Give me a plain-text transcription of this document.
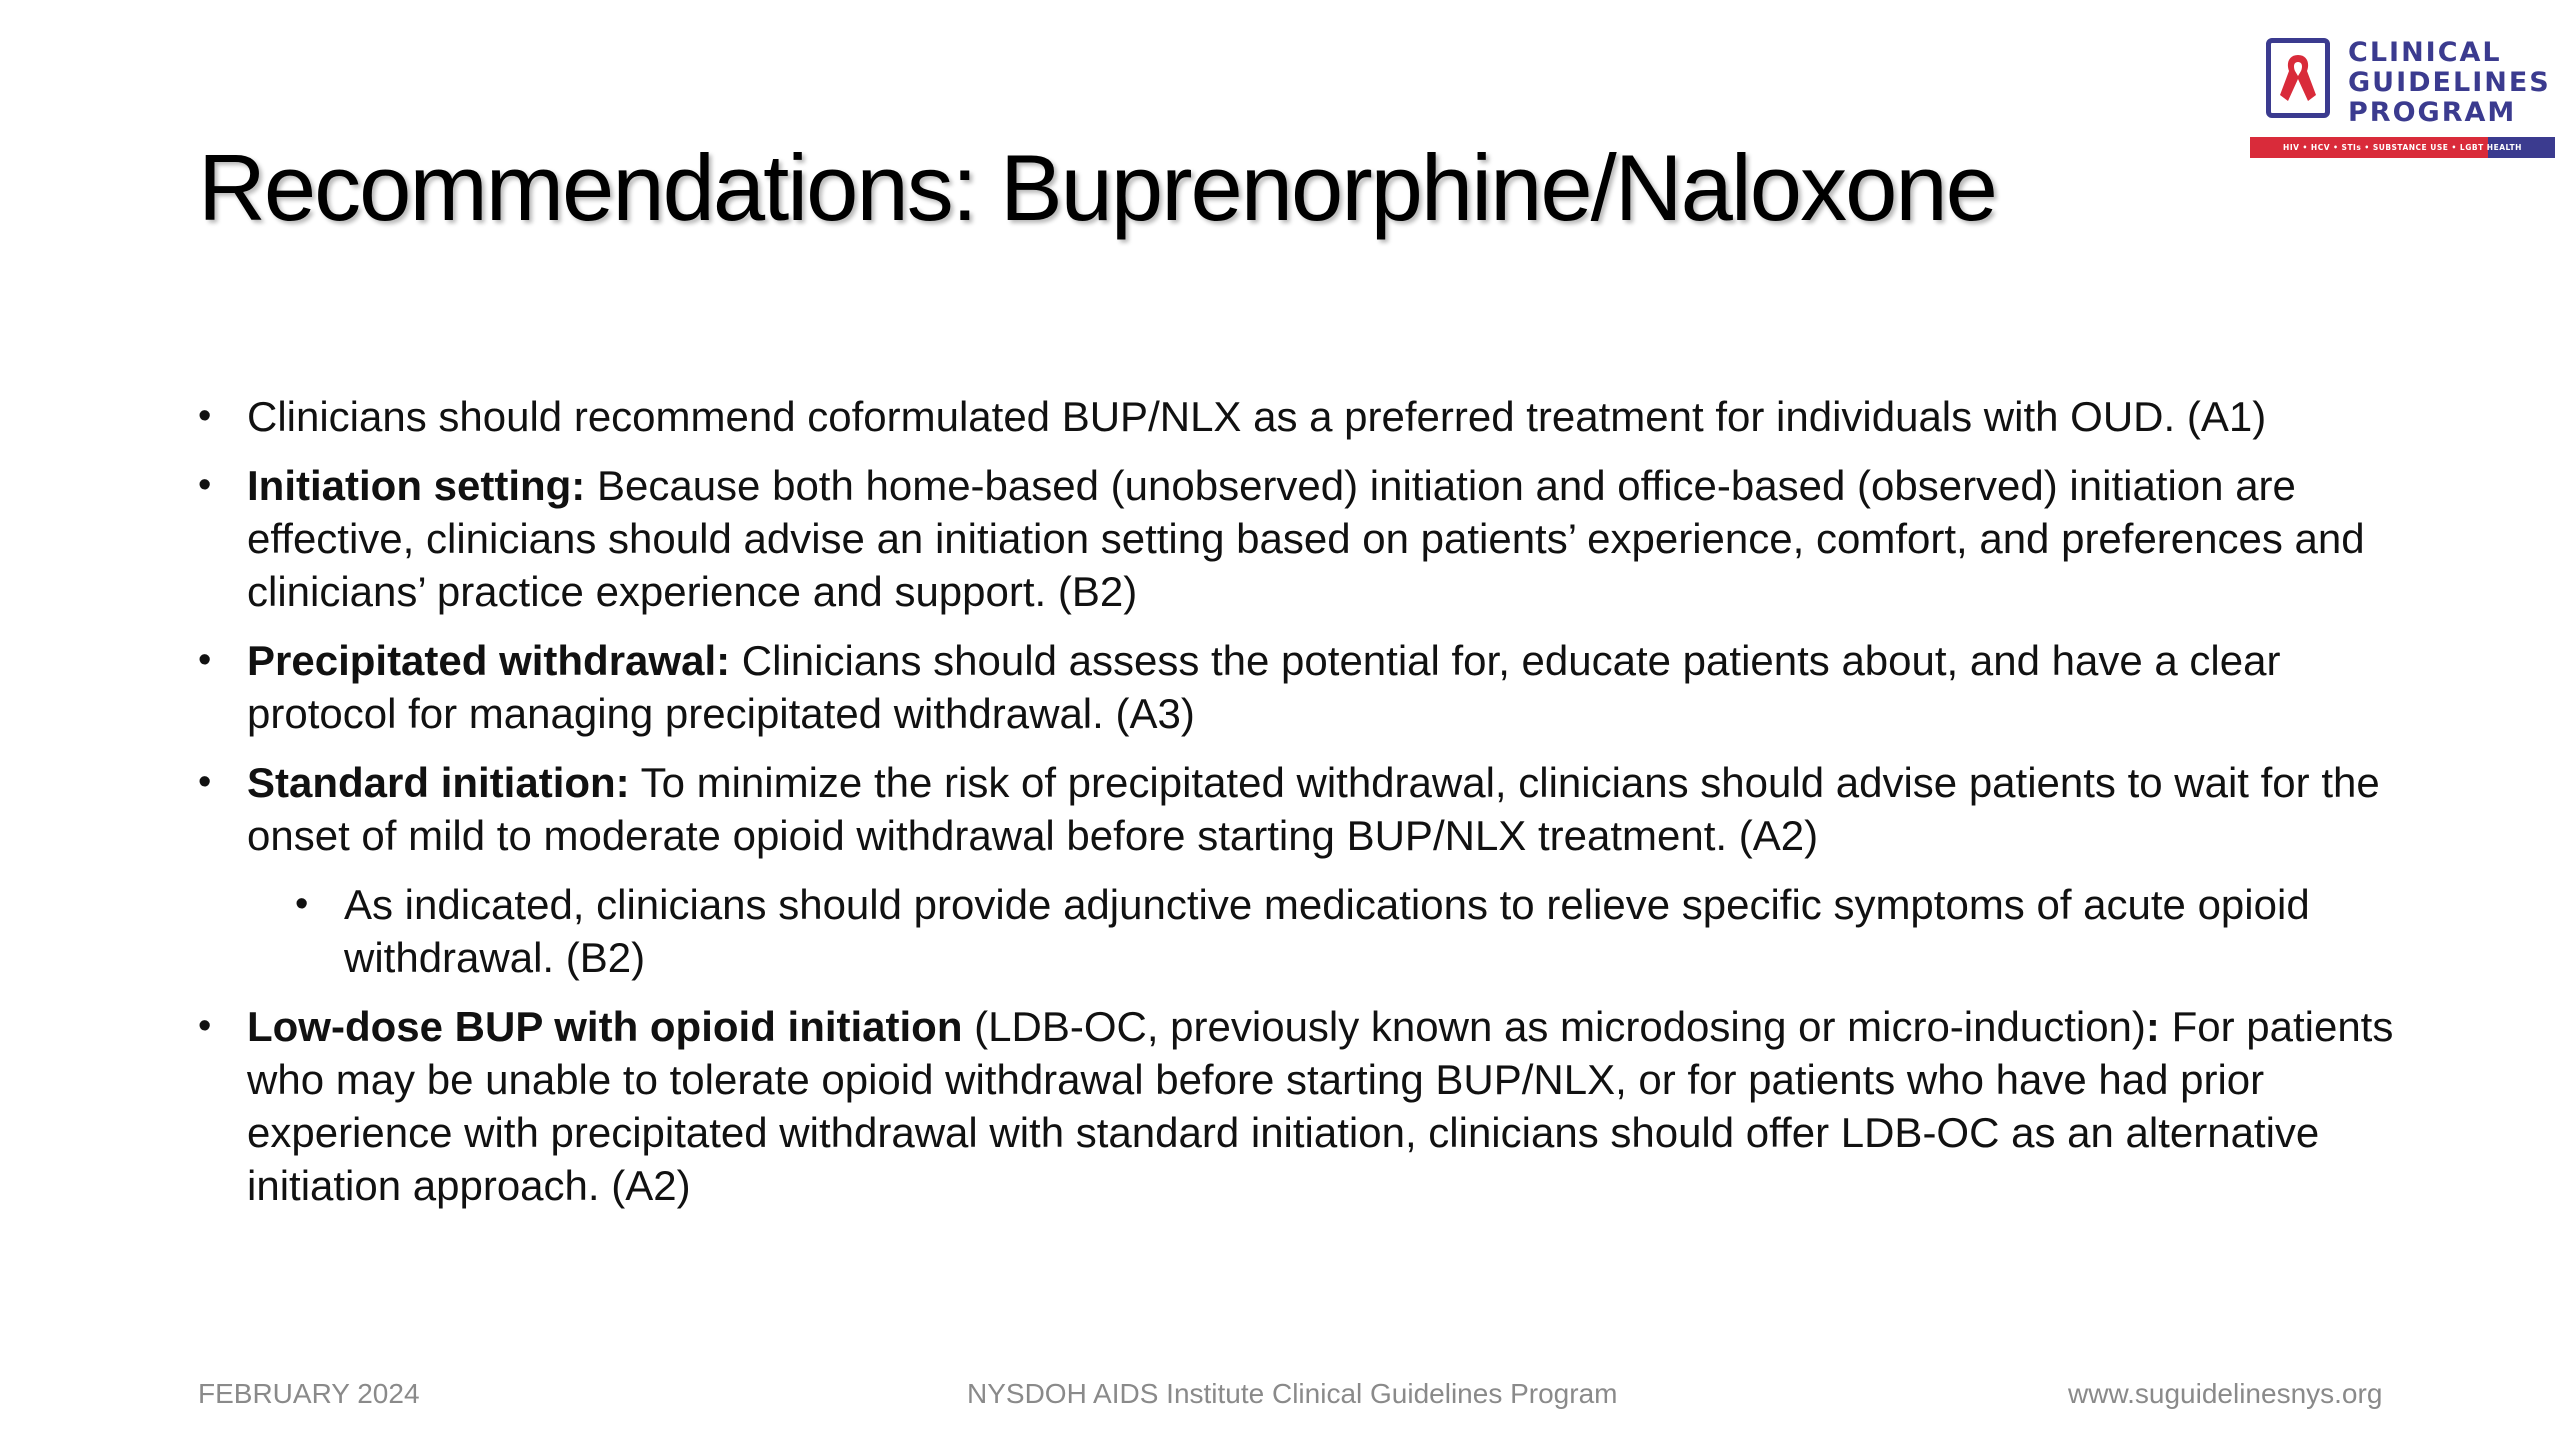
CLINICAL
GUIDELINES
PROGRAM
HIV • HCV • STIs • SUBSTANCE USE • LGBT HEALTH
Recommendations: Buprenorphine/Naloxone
• Clinicians should recommend coformulated BUP/NLX as a preferred treatment for individuals with OUD. (A1)
• Initiation setting: Because both home-based (unobserved) initiation and office-based (observed) initiation are effective, clinicians should advise an initiation setting based on patients’ experience, comfort, and preferences and clinicians’ practice experience and support. (B2)
• Precipitated withdrawal: Clinicians should assess the potential for, educate patients about, and have a clear protocol for managing precipitated withdrawal. (A3)
• Standard initiation: To minimize the risk of precipitated withdrawal, clinicians should advise patients to wait for the onset of mild to moderate opioid withdrawal before starting BUP/NLX treatment. (A2)
• As indicated, clinicians should provide adjunctive medications to relieve specific symptoms of acute opioid withdrawal. (B2)
• Low-dose BUP with opioid initiation (LDB-OC, previously known as microdosing or micro-induction): For patients who may be unable to tolerate opioid withdrawal before starting BUP/NLX, or for patients who have had prior experience with precipitated withdrawal with standard initiation, clinicians should offer LDB-OC as an alternative initiation approach. (A2)
FEBRUARY 2024	NYSDOH AIDS Institute Clinical Guidelines Program	www.suguidelinesnys.org
